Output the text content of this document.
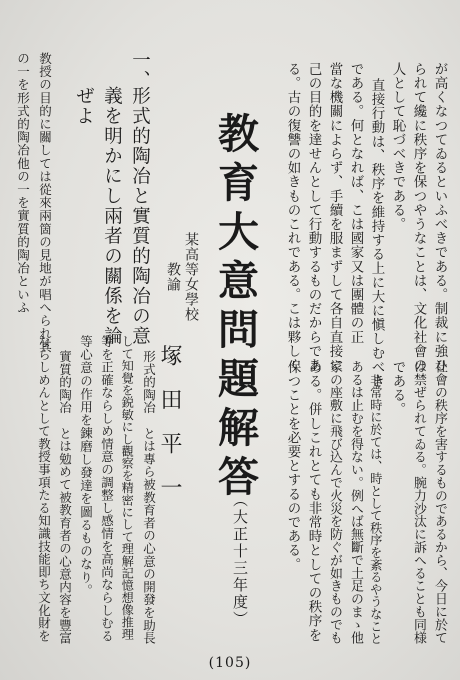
が高くなつてゐるといふべきである。制裁に強ひ
られて纔に秩序を保つやうなことは、文化社會の
人として恥づべきである。
直接行動は、秩序を維持する上に大に愼しむべき
である。何となれば、こは國家又は團體の正
當な機關によらず、手續を服まずして各自直接に
己の目的を達せんとして行動するものだからであ
る。古の復讐の如きものこれである。こは夥しく
社會の秩序を害するものであるから、今日に於て
は禁ぜられてゐる。腕力沙汰に訴へることも同様
である。
非常時に於ては、時として秩序を紊るやうなこと
あるは止むを得ない。例へば無斷で土足のまゝ他
家の座敷に飛び込んで火災を防ぐが如きものでも
ある。併しこれとても非常時としての秩序を
保つことを必要とするのである。
教育大意問題解答
（大正十三年度）
某高等女學校
教諭
塚田平一
一、
形式的陶冶と實質的陶冶の意
義を明かにし兩者の關係を論
ぜよ
教授の目的に關しては從來兩箇の見地が唱へられ其
の一を形式的陶冶他の一を實質的陶冶といふ
形式的陶冶　とは專ら被教育者の心意の開發を助長
して知覺を鋭敏にし觀察を精密にして理解記憶想像推理
等を正確ならしめ情意の調整し感情を高尚ならしむる
等心意の作用を錬磨し發達を圖るものなり。
實質的陶冶　とは勉めて被教育者の心意内容を豐富
ならしめんとして教授事項たる知識技能即ち文化財を
(105)
